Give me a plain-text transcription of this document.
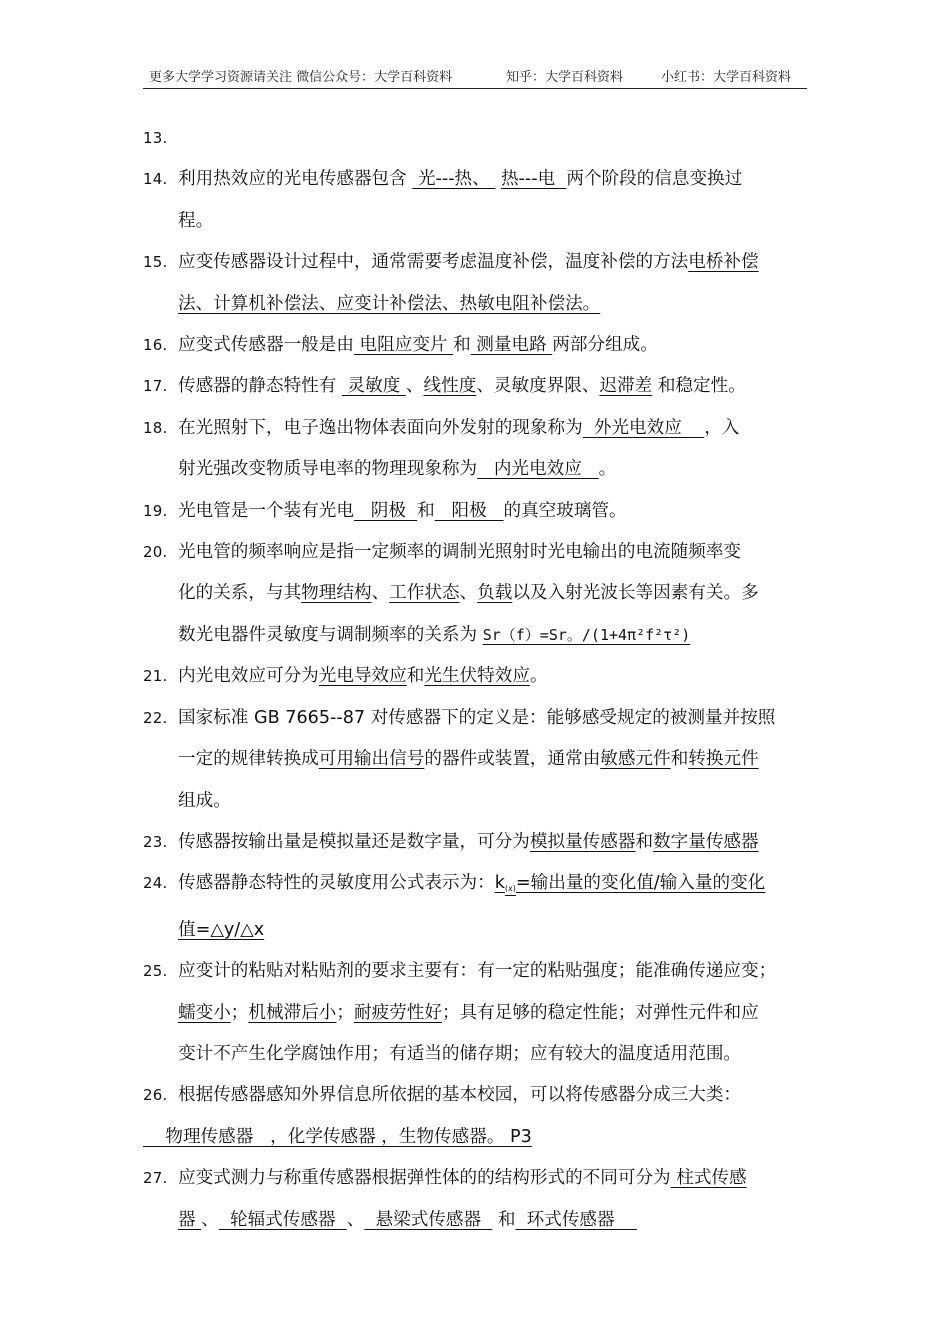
更多大学学习资源请关注 微信公众号：大学百科资料	知乎：大学百科资料	小红书：大学百科资料
13.

14. 利用热效应的光电传感器包含  光---热、  热---电  两个阶段的信息变换过
程。
15. 应变传感器设计过程中，通常需要考虑温度补偿，温度补偿的方法电桥补偿
法、计算机补偿法、应变计补偿法、热敏电阻补偿法。
16. 应变式传感器一般是由 电阻应变片 和 测量电路 两部分组成。
17. 传感器的静态特性有  灵敏度 、线性度、灵敏度界限、迟滞差 和稳定性。
18. 在光照射下，电子逸出物体表面向外发射的现象称为  外光电效应    ，入
射光强改变物质导电率的物理现象称为   内光电效应   。
19. 光电管是一个装有光电   阴极  和   阳极   的真空玻璃管。
20. 光电管的频率响应是指一定频率的调制光照射时光电输出的电流随频率变
化的关系，与其物理结构、工作状态、负载以及入射光波长等因素有关。多
数光电器件灵敏度与调制频率的关系为 Sr（f）=Sr。/(1+4π²f²τ²)
21. 内光电效应可分为光电导效应和光生伏特效应。
22. 国家标准 GB 7665--87 对传感器下的定义是：能够感受规定的被测量并按照
一定的规律转换成可用输出信号的器件或装置，通常由敏感元件和转换元件
组成。
23. 传感器按输出量是模拟量还是数字量，可分为模拟量传感器和数字量传感器
24. 传感器静态特性的灵敏度用公式表示为：$k_{(x)}=$输出量的变化值/输入量的变化
值=△y/△x
25. 应变计的粘贴对粘贴剂的要求主要有：有一定的粘贴强度；能准确传递应变；
蠕变小；机械滞后小；耐疲劳性好；具有足够的稳定性能；对弹性元件和应
变计不产生化学腐蚀作用；有适当的储存期；应有较大的温度适用范围。
26. 根据传感器感知外界信息所依据的基本校园，可以将传感器分成三大类：
物理传感器   ，化学传感器 ，生物传感器。 P3
27. 应变式测力与称重传感器根据弹性体的的结构形式的不同可分为 柱式传感
器 、  轮辐式传感器  、  悬梁式传感器   和  环式传感器
